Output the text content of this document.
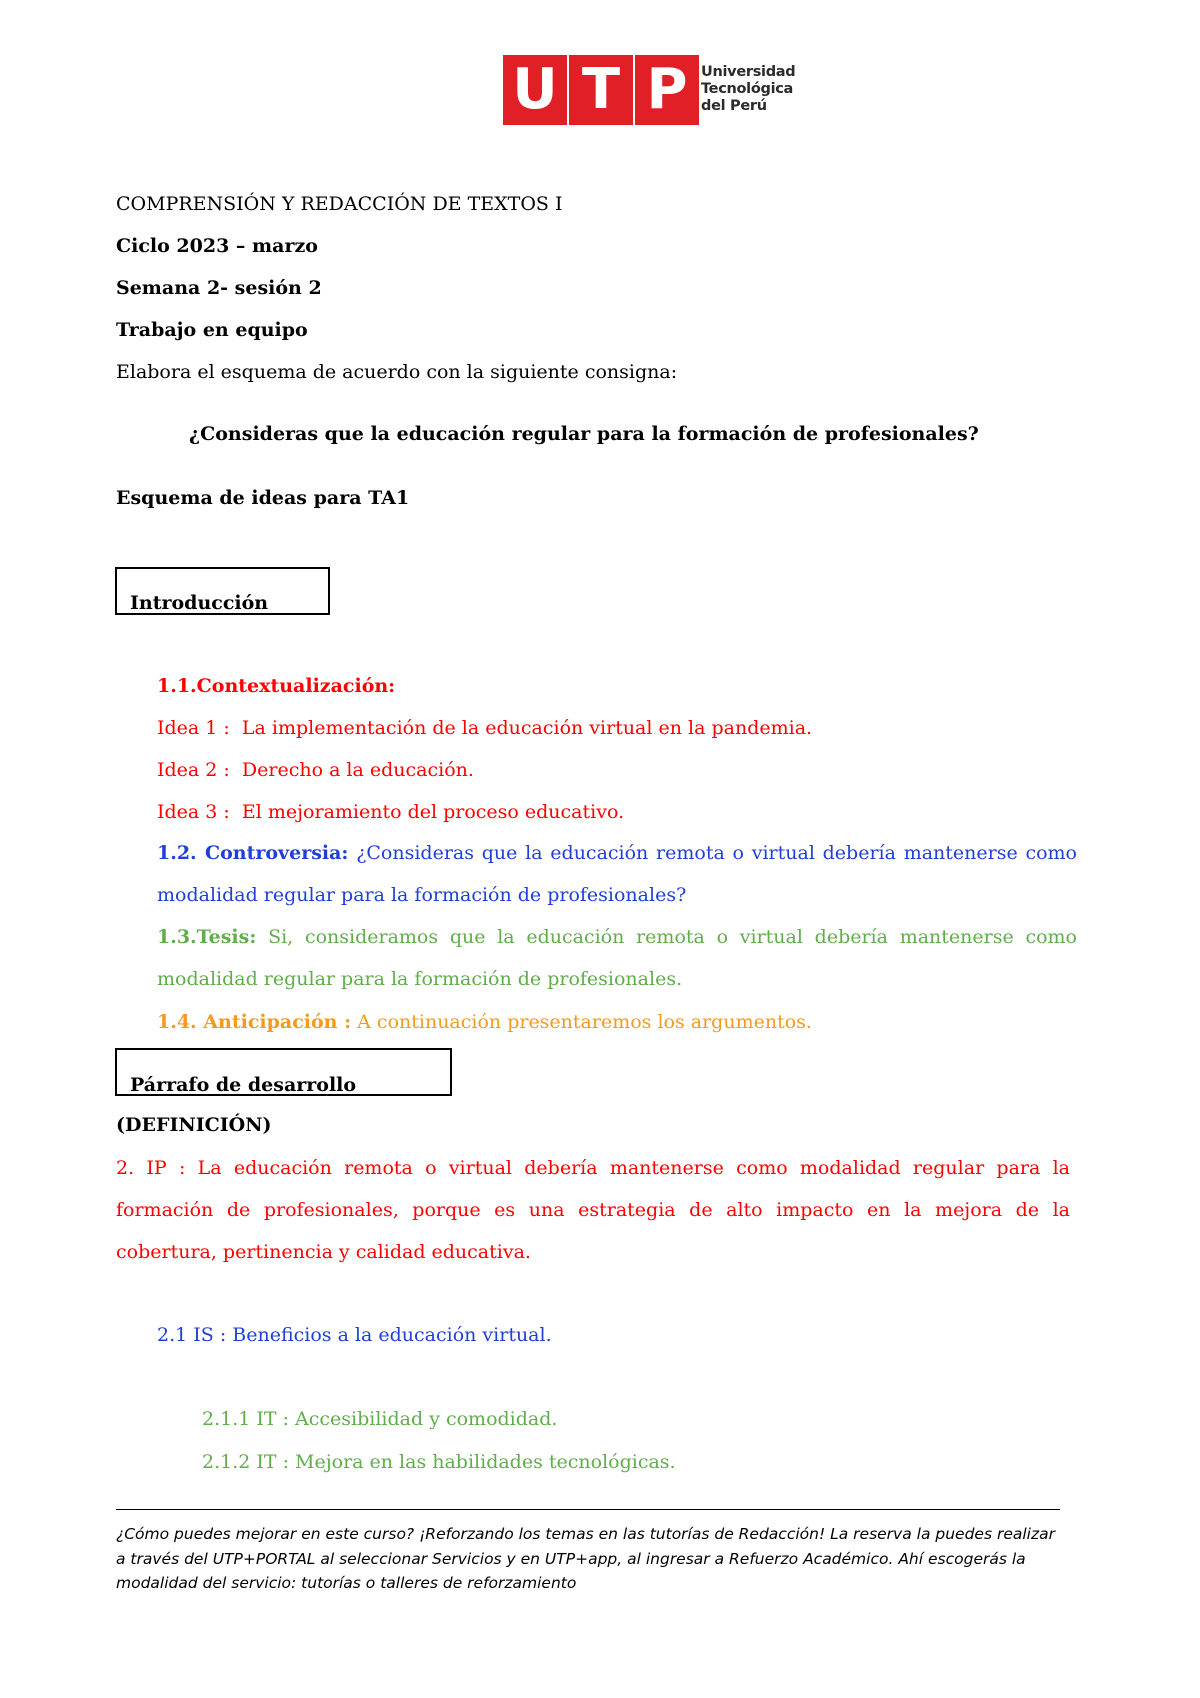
U T P Universidad
Tecnológica
del Perú
COMPRENSIÓN Y REDACCIÓN DE TEXTOS I
Ciclo 2023 – marzo
Semana 2- sesión 2
Trabajo en equipo
Elabora el esquema de acuerdo con la siguiente consigna:
¿Consideras que la educación regular para la formación de profesionales?
Esquema de ideas para TA1
Introducción
1.1.Contextualización:
Idea 1 : La implementación de la educación virtual en la pandemia.
Idea 2 : Derecho a la educación.
Idea 3 : El mejoramiento del proceso educativo.
1.2. Controversia: ¿Consideras que la educación remota o virtual debería mantenerse como modalidad regular para la formación de profesionales?
1.3.Tesis: Si, consideramos que la educación remota o virtual debería mantenerse como modalidad regular para la formación de profesionales.
1.4. Anticipación : A continuación presentaremos los argumentos.
Párrafo de desarrollo
(DEFINICIÓN)
2. IP : La educación remota o virtual debería mantenerse como modalidad regular para la formación de profesionales, porque es una estrategia de alto impacto en la mejora de la cobertura, pertinencia y calidad educativa.
2.1 IS : Beneficios a la educación virtual.
2.1.1 IT : Accesibilidad y comodidad.
2.1.2 IT : Mejora en las habilidades tecnológicas.
¿Cómo puedes mejorar en este curso? ¡Reforzando los temas en las tutorías de Redacción! La reserva la puedes realizar a través del UTP+PORTAL al seleccionar Servicios y en UTP+app, al ingresar a Refuerzo Académico. Ahí escogerás la modalidad del servicio: tutorías o talleres de reforzamiento
